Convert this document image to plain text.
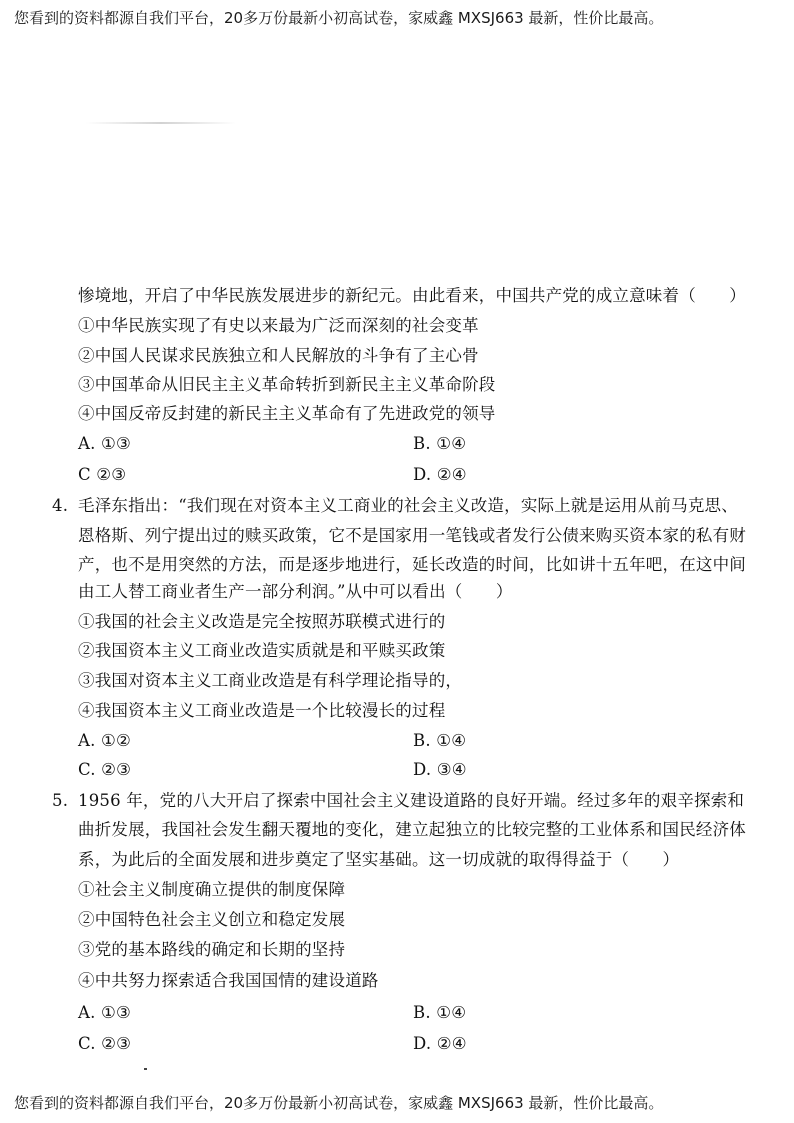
您看到的资料都源自我们平台，20多万份最新小初高试卷，家威鑫 MXSJ663 最新，性价比最高。
惨境地，开启了中华民族发展进步的新纪元。由此看来，中国共产党的成立意味着（　　）
①中华民族实现了有史以来最为广泛而深刻的社会变革
②中国人民谋求民族独立和人民解放的斗争有了主心骨
③中国革命从旧民主主义革命转折到新民主主义革命阶段
④中国反帝反封建的新民主主义革命有了先进政党的领导
A. ①③	B. ①④
C ②③	D. ②④
4. 毛泽东指出：“我们现在对资本主义工商业的社会主义改造，实际上就是运用从前马克思、
恩格斯、列宁提出过的赎买政策，它不是国家用一笔钱或者发行公债来购买资本家的私有财
产，也不是用突然的方法，而是逐步地进行，延长改造的时间，比如讲十五年吧，在这中间
由工人替工商业者生产一部分利润。”从中可以看出（　　）
①我国的社会主义改造是完全按照苏联模式进行的
②我国资本主义工商业改造实质就是和平赎买政策
③我国对资本主义工商业改造是有科学理论指导的，
④我国资本主义工商业改造是一个比较漫长的过程
A. ①②	B. ①④
C. ②③	D. ③④
5. 1956 年，党的八大开启了探索中国社会主义建设道路的良好开端。经过多年的艰辛探索和
曲折发展，我国社会发生翻天覆地的变化，建立起独立的比较完整的工业体系和国民经济体
系，为此后的全面发展和进步奠定了坚实基础。这一切成就的取得得益于（　　）
①社会主义制度确立提供的制度保障
②中国特色社会主义创立和稳定发展
③党的基本路线的确定和长期的坚持
④中共努力探索适合我国国情的建设道路
A. ①③	B. ①④
C. ②③	D. ②④
您看到的资料都源自我们平台，20多万份最新小初高试卷，家威鑫 MXSJ663 最新，性价比最高。
